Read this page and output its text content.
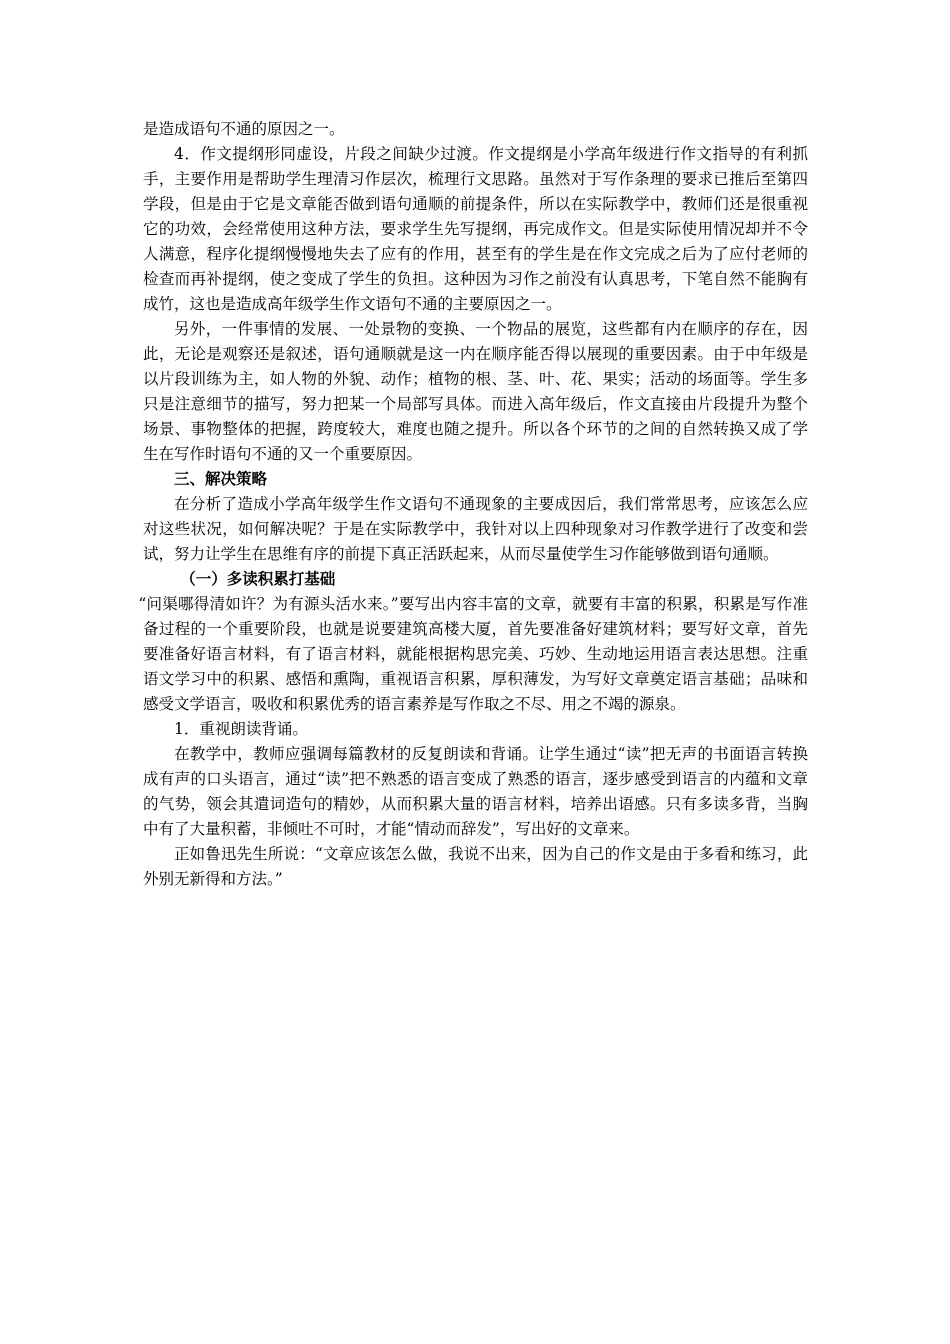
是造成语句不通的原因之一。

4．作文提纲形同虚设，片段之间缺少过渡。作文提纲是小学高年级进行作文指导的有利抓手，主要作用是帮助学生理清习作层次，梳理行文思路。虽然对于写作条理的要求已推后至第四学段，但是由于它是文章能否做到语句通顺的前提条件，所以在实际教学中，教师们还是很重视它的功效，会经常使用这种方法，要求学生先写提纲，再完成作文。但是实际使用情况却并不令人满意，程序化提纲慢慢地失去了应有的作用，甚至有的学生是在作文完成之后为了应付老师的检查而再补提纲，使之变成了学生的负担。这种因为习作之前没有认真思考，下笔自然不能胸有成竹，这也是造成高年级学生作文语句不通的主要原因之一。

另外，一件事情的发展、一处景物的变换、一个物品的展览，这些都有内在顺序的存在，因此，无论是观察还是叙述，语句通顺就是这一内在顺序能否得以展现的重要因素。由于中年级是以片段训练为主，如人物的外貌、动作；植物的根、茎、叶、花、果实；活动的场面等。学生多只是注意细节的描写，努力把某一个局部写具体。而进入高年级后，作文直接由片段提升为整个场景、事物整体的把握，跨度较大，难度也随之提升。所以各个环节的之间的自然转换又成了学生在写作时语句不通的又一个重要原因。

三、解决策略

在分析了造成小学高年级学生作文语句不通现象的主要成因后，我们常常思考，应该怎么应对这些状况，如何解决呢？于是在实际教学中，我针对以上四种现象对习作教学进行了改变和尝试，努力让学生在思维有序的前提下真正活跃起来，从而尽量使学生习作能够做到语句通顺。

（一）多读积累打基础

“问渠哪得清如许？为有源头活水来。”要写出内容丰富的文章，就要有丰富的积累，积累是写作准备过程的一个重要阶段，也就是说要建筑高楼大厦，首先要准备好建筑材料；要写好文章，首先要准备好语言材料，有了语言材料，就能根据构思完美、巧妙、生动地运用语言表达思想。注重语文学习中的积累、感悟和熏陶，重视语言积累，厚积薄发，为写好文章奠定语言基础；品味和感受文学语言，吸收和积累优秀的语言素养是写作取之不尽、用之不竭的源泉。

1．重视朗读背诵。

在教学中，教师应强调每篇教材的反复朗读和背诵。让学生通过“读”把无声的书面语言转换成有声的口头语言，通过“读”把不熟悉的语言变成了熟悉的语言，逐步感受到语言的内蕴和文章的气势，领会其遣词造句的精妙，从而积累大量的语言材料，培养出语感。只有多读多背，当胸中有了大量积蓄，非倾吐不可时，才能“情动而辞发”，写出好的文章来。

正如鲁迅先生所说：“文章应该怎么做，我说不出来，因为自己的作文是由于多看和练习，此外别无新得和方法。”
